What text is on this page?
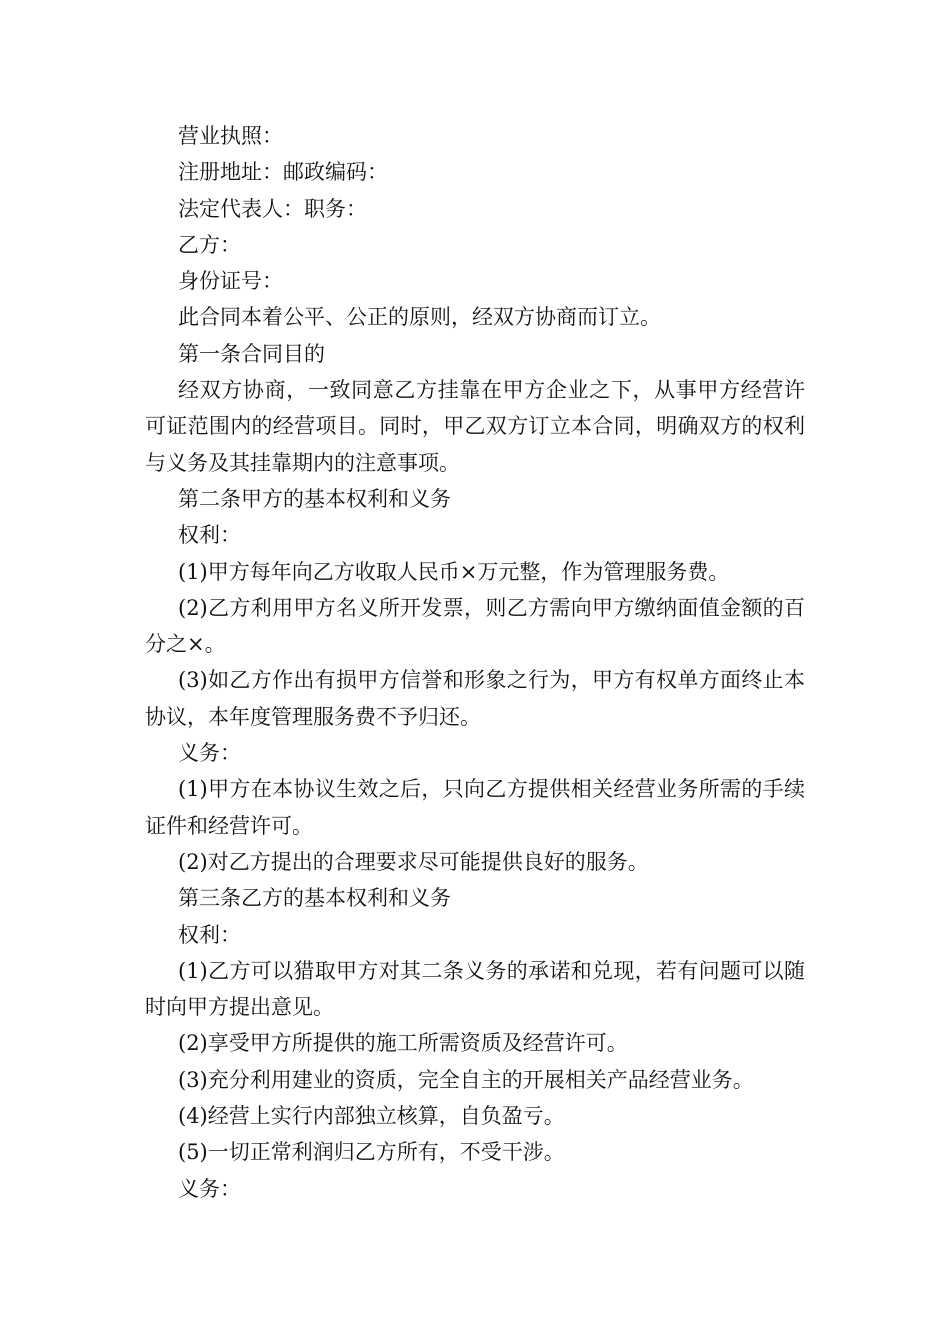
营业执照：

注册地址：邮政编码：

法定代表人：职务：

乙方：

身份证号：

此合同本着公平、公正的原则，经双方协商而订立。

第一条合同目的

经双方协商，一致同意乙方挂靠在甲方企业之下，从事甲方经营许可证范围内的经营项目。同时，甲乙双方订立本合同，明确双方的权利与义务及其挂靠期内的注意事项。

第二条甲方的基本权利和义务

权利：

(1)甲方每年向乙方收取人民币×万元整，作为管理服务费。

(2)乙方利用甲方名义所开发票，则乙方需向甲方缴纳面值金额的百分之×。

(3)如乙方作出有损甲方信誉和形象之行为，甲方有权单方面终止本协议，本年度管理服务费不予归还。

义务：

(1)甲方在本协议生效之后，只向乙方提供相关经营业务所需的手续证件和经营许可。

(2)对乙方提出的合理要求尽可能提供良好的服务。

第三条乙方的基本权利和义务

权利：

(1)乙方可以猎取甲方对其二条义务的承诺和兑现，若有问题可以随时向甲方提出意见。

(2)享受甲方所提供的施工所需资质及经营许可。

(3)充分利用建业的资质，完全自主的开展相关产品经营业务。

(4)经营上实行内部独立核算，自负盈亏。

(5)一切正常利润归乙方所有，不受干涉。

义务：
